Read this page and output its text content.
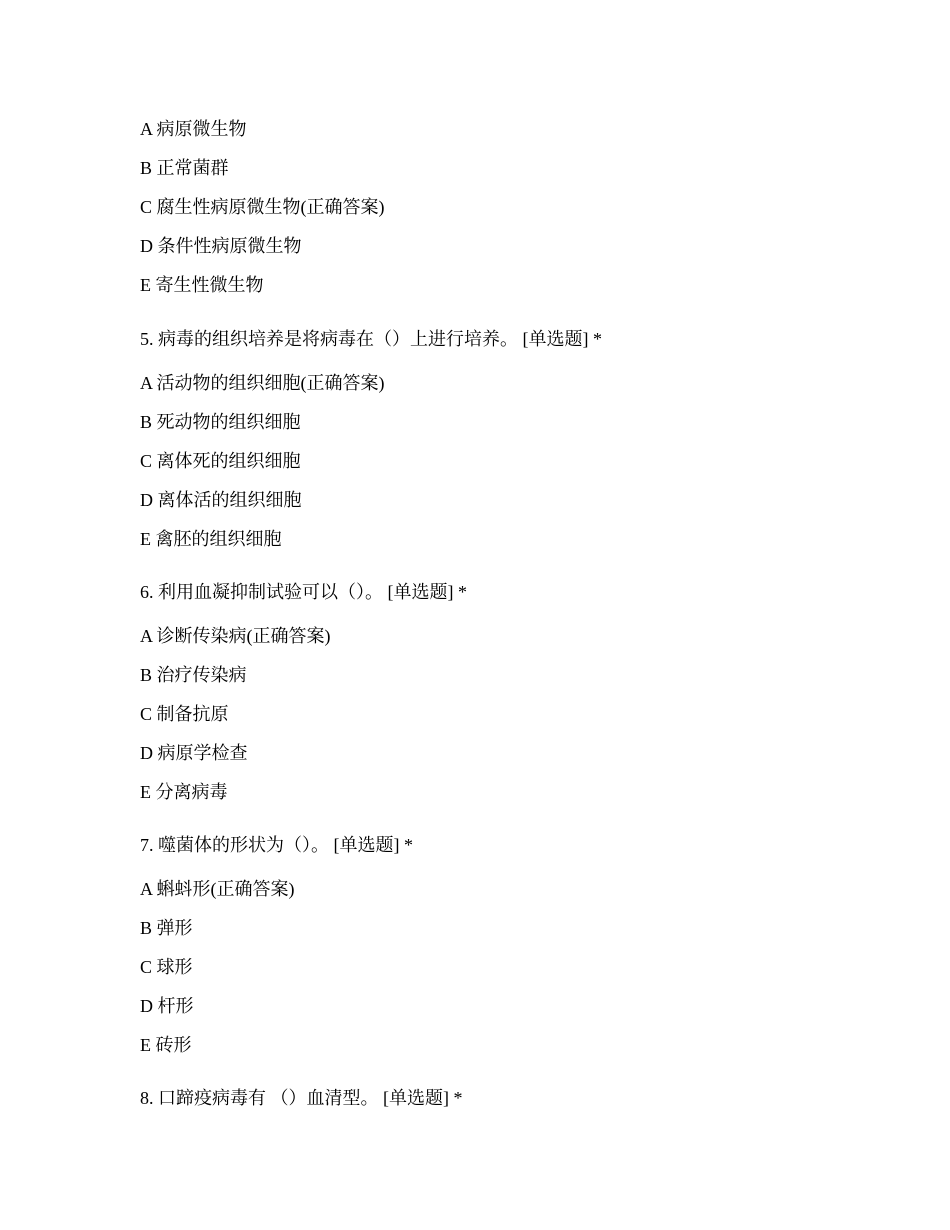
A 病原微生物
B 正常菌群
C 腐生性病原微生物(正确答案)
D 条件性病原微生物
E 寄生性微生物
5. 病毒的组织培养是将病毒在（）上进行培养。 [单选题] *
A 活动物的组织细胞(正确答案)
B 死动物的组织细胞
C 离体死的组织细胞
D 离体活的组织细胞
E 禽胚的组织细胞
6. 利用血凝抑制试验可以（）。 [单选题] *
A 诊断传染病(正确答案)
B 治疗传染病
C 制备抗原
D 病原学检查
E 分离病毒
7. 噬菌体的形状为（）。 [单选题] *
A 蝌蚪形(正确答案)
B 弹形
C 球形
D 杆形
E 砖形
8. 口蹄疫病毒有 （）血清型。 [单选题] *
